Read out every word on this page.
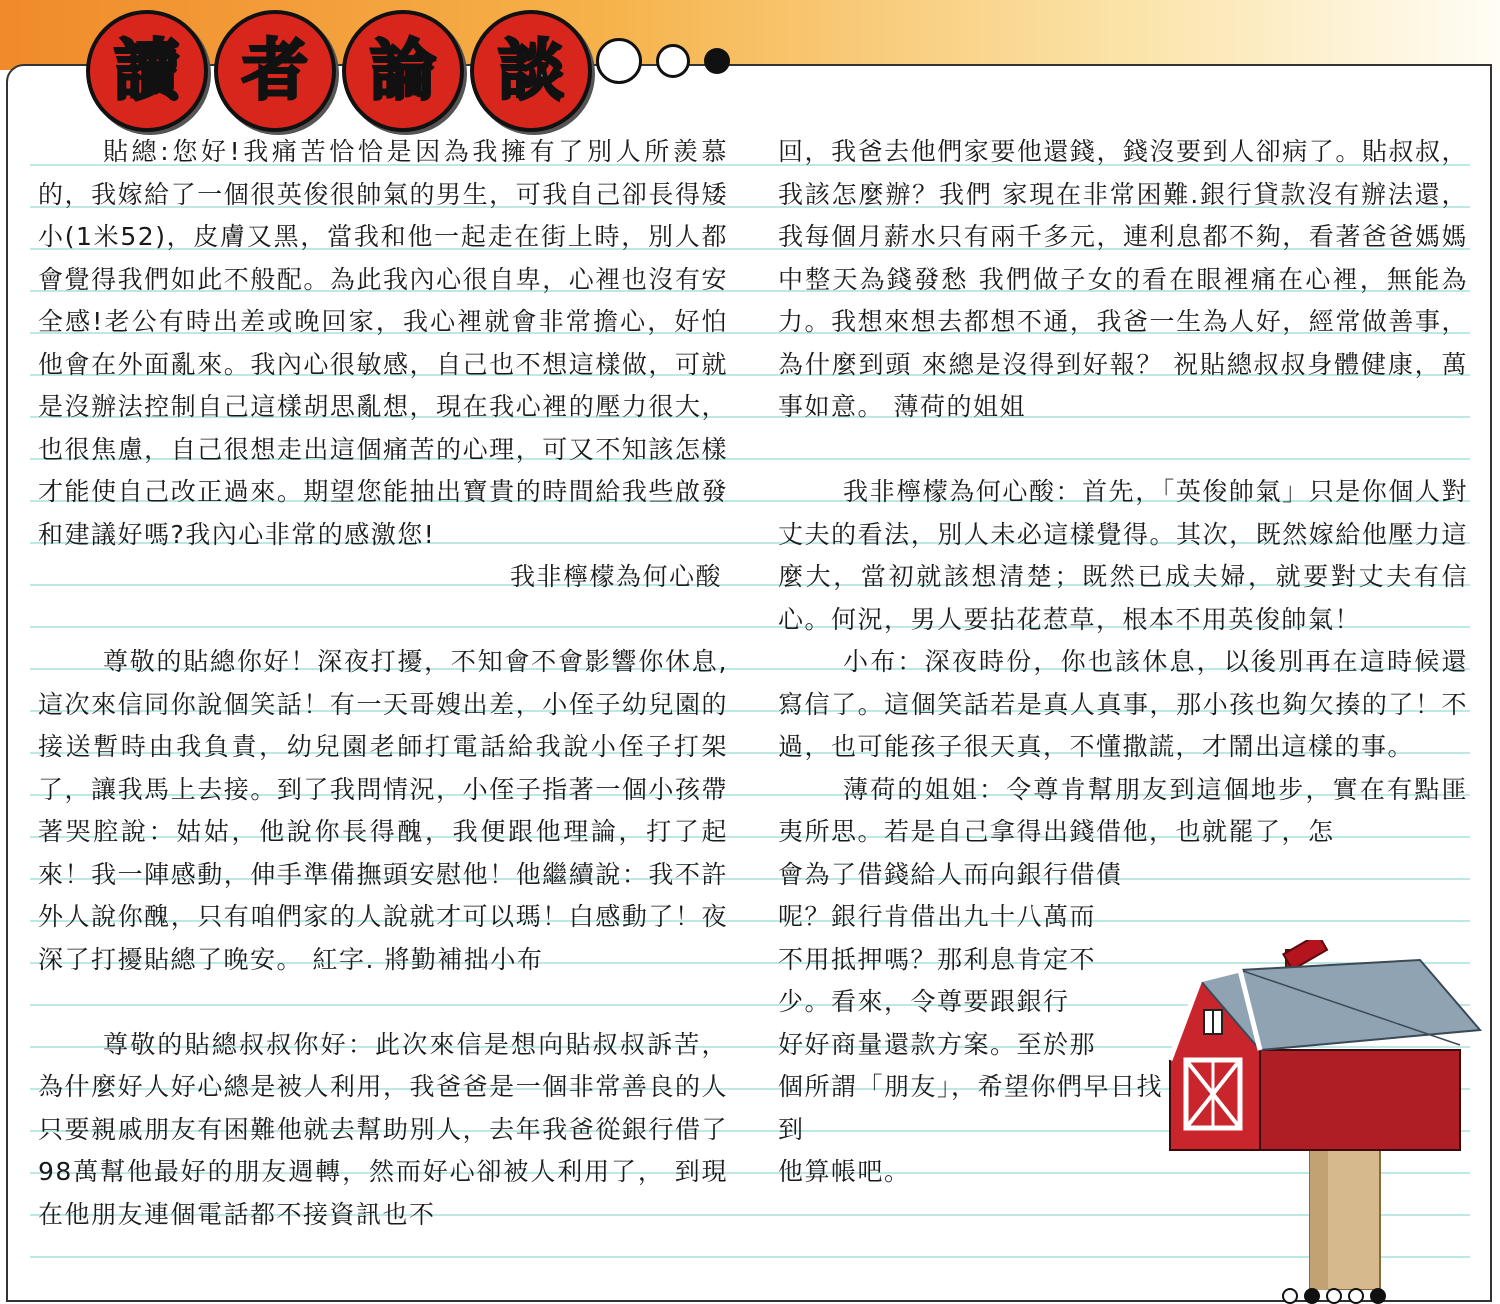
讀 者 論 談

貼總:您好!我痛苦恰恰是因為我擁有了別人所羨慕的，我嫁給了一個很英俊很帥氣的男生，可我自己卻長得矮小(1米52)，皮膚又黑，當我和他一起走在街上時，別人都會覺得我們如此不般配。為此我內心很自卑，心裡也沒有安全感!老公有時出差或晚回家，我心裡就會非常擔心，好怕他會在外面亂來。我內心很敏感，自己也不想這樣做，可就是沒辦法控制自己這樣胡思亂想，現在我心裡的壓力很大，也很焦慮，自己很想走出這個痛苦的心理，可又不知該怎樣才能使自己改正過來。期望您能抽出寶貴的時間給我些啟發和建議好嗎?我內心非常的感激您!

我非檸檬為何心酸

尊敬的貼總你好！深夜打擾，不知會不會影響你休息,這次來信同你說個笑話！有一天哥嫂出差，小侄子幼兒園的接送暫時由我負責，幼兒園老師打電話給我說小侄子打架了，讓我馬上去接。到了我問情況，小侄子指著一個小孩帶著哭腔說：姑姑，他說你長得醜，我便跟他理論，打了起來！我一陣感動，伸手準備撫頭安慰他！他繼續說：我不許外人說你醜，只有咱們家的人說就才可以瑪！白感動了！夜深了打擾貼總了晚安。 紅字. 將勤補拙小布

尊敬的貼總叔叔你好：此次來信是想向貼叔叔訴苦，為什麼好人好心總是被人利用，我爸爸是一個非常善良的人只要親戚朋友有困難他就去幫助別人，去年我爸從銀行借了98萬幫他最好的朋友週轉，然而好心卻被人利用了， 到現在他朋友連個電話都不接資訊也不

回，我爸去他們家要他還錢，錢沒要到人卻病了。貼叔叔，我該怎麼辦？我們 家現在非常困難.銀行貸款沒有辦法還，我每個月薪水只有兩千多元，連利息都不夠，看著爸爸媽媽中整天為錢發愁 我們做子女的看在眼裡痛在心裡，無能為力。我想來想去都想不通，我爸一生為人好，經常做善事，為什麼到頭 來總是沒得到好報？ 祝貼總叔叔身體健康，萬事如意。 薄荷的姐姐

我非檸檬為何心酸：首先，「英俊帥氣」只是你個人對丈夫的看法，別人未必這樣覺得。其次，既然嫁給他壓力這麼大，當初就該想清楚；既然已成夫婦，就要對丈夫有信心。何況，男人要拈花惹草，根本不用英俊帥氣！

小布：深夜時份，你也該休息，以後別再在這時候還寫信了。這個笑話若是真人真事，那小孩也夠欠揍的了！不過，也可能孩子很天真，不懂撒謊，才鬧出這樣的事。

薄荷的姐姐：令尊肯幫朋友到這個地步，實在有點匪夷所思。若是自己拿得出錢借他，也就罷了，怎

會為了借錢給人而向銀行借債
呢？銀行肯借出九十八萬而
不用抵押嗎？那利息肯定不
少。看來，令尊要跟銀行
好好商量還款方案。至於那
個所謂「朋友」，希望你們早日找到
他算帳吧。
